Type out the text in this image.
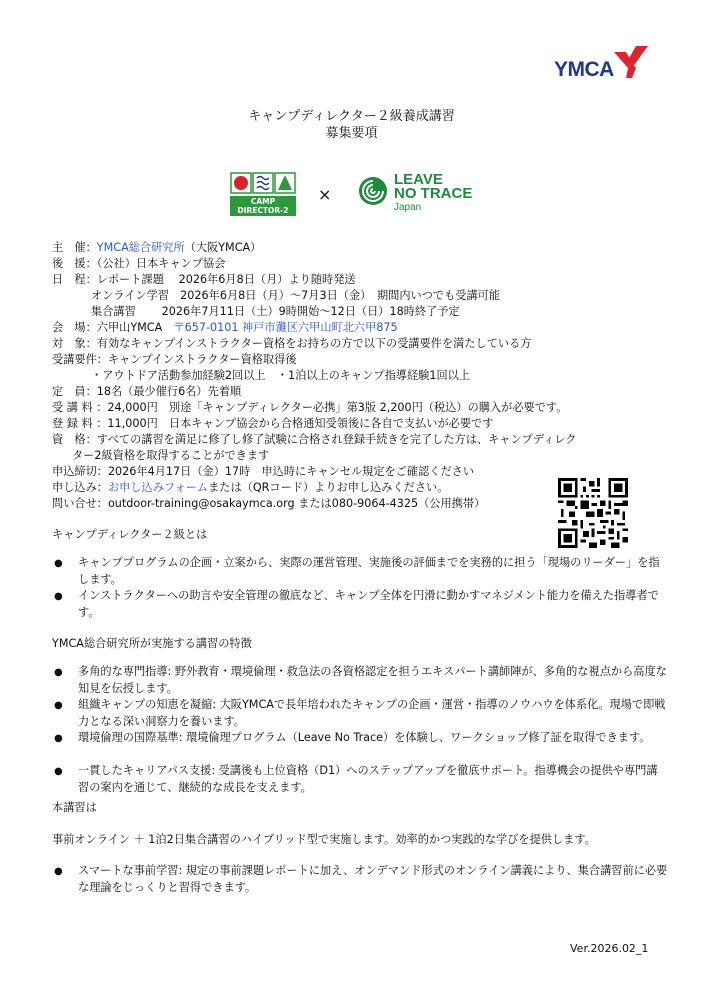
YMCA
キャンプディレクター２級養成講習
募集要項
CAMP DIRECTOR-2
×
LEAVE
NO TRACE
Japan
主　催：YMCA総合研究所（大阪YMCA）
後　援：（公社）日本キャンプ協会
日　程：レポート課題　 2026年6月8日（月）より随時発送
オンライン学習　2026年6月8日（月）〜7月3日（金）　期間内いつでも受講可能
集合講習　　 2026年7月11日（土）9時開始〜12日（日）18時終了予定
会　場：六甲山YMCA　〒657-0101 神戸市灘区六甲山町北六甲875
対　象：有効なキャンプインストラクター資格をお持ちの方で以下の受講要件を満たしている方
受講要件：キャンプインストラクター資格取得後
・アウトドア活動参加経験2回以上　・1泊以上のキャンプ指導経験1回以上
定　員：18名（最少催行6名）先着順
受 講 料 ：24,000円　別途「キャンプディレクター必携」第3版 2,200円（税込）の購入が必要です。
登 録 料 ：11,000円　日本キャンプ協会から合格通知受領後に各自で支払いが必要です
資　格：すべての講習を満足に修了し修了試験に合格され登録手続きを完了した方は、キャンプディレク
ター2級資格を取得することができます
申込締切：2026年4月17日（金）17時　申込時にキャンセル規定をご確認ください
申し込み：お申し込みフォームまたは（QRコード）よりお申し込みください。
問い合せ：outdoor-training@osakaymca.org または080-9064-4325（公用携帯）
キャンプディレクター２級とは
● キャンププログラムの企画・立案から、実際の運営管理、実施後の評価までを実務的に担う「現場のリーダー」を指します。
● インストラクターへの助言や安全管理の徹底など、キャンプ全体を円滑に動かすマネジメント能力を備えた指導者です。
YMCA総合研究所が実施する講習の特徴
● 多角的な専門指導: 野外教育・環境倫理・救急法の各資格認定を担うエキスパート講師陣が、多角的な視点から高度な知見を伝授します。
● 組織キャンプの知恵を凝縮: 大阪YMCAで長年培われたキャンプの企画・運営・指導のノウハウを体系化。現場で即戦力となる深い洞察力を養います。
● 環境倫理の国際基準: 環境倫理プログラム（Leave No Trace）を体験し、ワークショップ修了証を取得できます。
● 一貫したキャリアパス支援: 受講後も上位資格（D1）へのステップアップを徹底サポート。指導機会の提供や専門講習の案内を通じて、継続的な成長を支えます。
本講習は
事前オンライン ＋ 1泊2日集合講習のハイブリッド型で実施します。効率的かつ実践的な学びを提供します。
● スマートな事前学習: 規定の事前課題レポートに加え、オンデマンド形式のオンライン講義により、集合講習前に必要な理論をじっくりと習得できます。
Ver.2026.02_1
